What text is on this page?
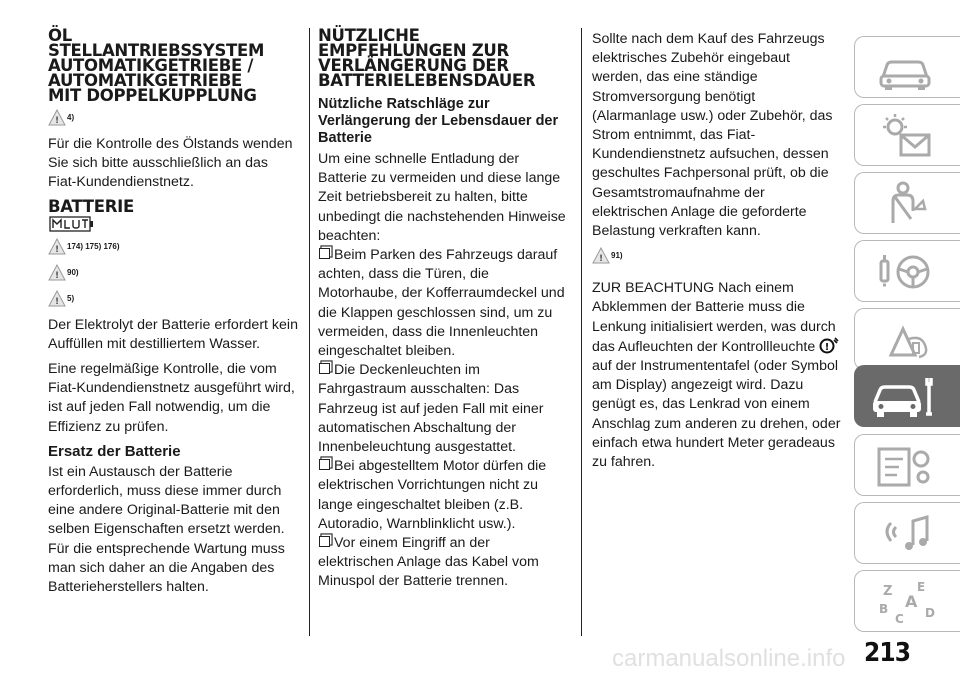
ÖL
STELLANTRIEBSSYSTEM
AUTOMATIKGETRIEBE /
AUTOMATIKGETRIEBE
MIT DOPPELKUPPLUNG
! 4)

Für die Kontrolle des Ölstands wenden Sie sich bitte ausschließlich an das Fiat-Kundendienstnetz.

BATTERIE
! 174) 175) 176)
! 90)
! 5)

Der Elektrolyt der Batterie erfordert kein Auffüllen mit destilliertem Wasser.

Eine regelmäßige Kontrolle, die vom Fiat-Kundendienstnetz ausgeführt wird, ist auf jeden Fall notwendig, um die Effizienz zu prüfen.

Ersatz der Batterie

Ist ein Austausch der Batterie erforderlich, muss diese immer durch eine andere Original-Batterie mit den selben Eigenschaften ersetzt werden. Für die entsprechende Wartung muss man sich daher an die Angaben des Batterieherstellers halten.

NÜTZLICHE
EMPFEHLUNGEN ZUR
VERLÄNGERUNG DER
BATTERIELEBENSDAUER
Nützliche Ratschläge zur Verlängerung der Lebensdauer der Batterie

Um eine schnelle Entladung der Batterie zu vermeiden und diese lange Zeit betriebsbereit zu halten, bitte unbedingt die nachstehenden Hinweise beachten:

Beim Parken des Fahrzeugs darauf achten, dass die Türen, die Motorhaube, der Kofferraumdeckel und die Klappen geschlossen sind, um zu vermeiden, dass die Innenleuchten eingeschaltet bleiben.
Die Deckenleuchten im Fahrgastraum ausschalten: Das Fahrzeug ist auf jeden Fall mit einer automatischen Abschaltung der Innenbeleuchtung ausgestattet.
Bei abgestelltem Motor dürfen die elektrischen Vorrichtungen nicht zu lange eingeschaltet bleiben (z.B. Autoradio, Warnblinklicht usw.).
Vor einem Eingriff an der elektrischen Anlage das Kabel vom Minuspol der Batterie trennen.

Sollte nach dem Kauf des Fahrzeugs elektrisches Zubehör eingebaut werden, das eine ständige Stromversorgung benötigt (Alarmanlage usw.) oder Zubehör, das Strom entnimmt, das Fiat-Kundendienstnetz aufsuchen, dessen geschultes Fachpersonal prüft, ob die Gesamtstromaufnahme der elektrischen Anlage die geforderte Belastung verkraften kann.

! 91)

ZUR BEACHTUNG Nach einem Abklemmen der Batterie muss die Lenkung initialisiert werden, was durch das Aufleuchten der Kontrollleuchte !
auf der Instrumententafel (oder Symbol am Display) angezeigt wird. Dazu genügt es, das Lenkrad von einem Anschlag zum anderen zu drehen, oder einfach etwa hundert Meter geradeaus zu fahren.

Z E
A
B
C D
213
carmanualsonline.info
